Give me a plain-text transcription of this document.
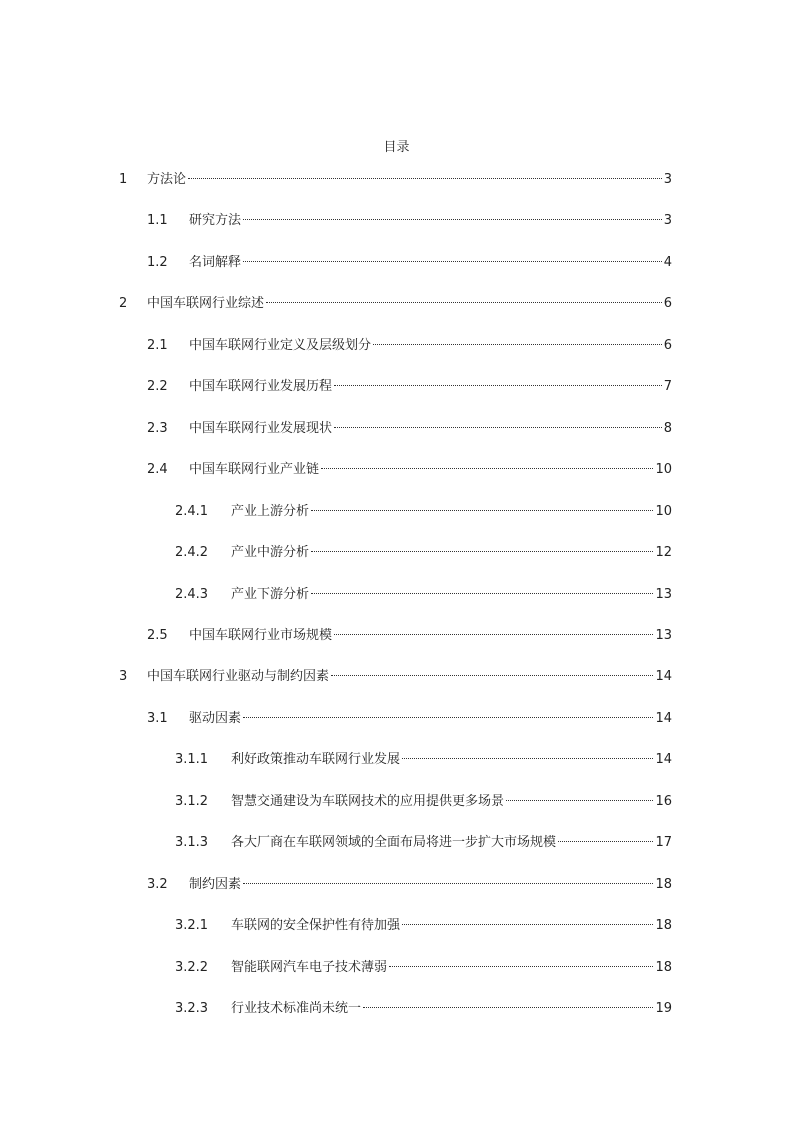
目录
1	方法论	3
1.1	研究方法	3
1.2	名词解释	4
2	中国车联网行业综述	6
2.1	中国车联网行业定义及层级划分	6
2.2	中国车联网行业发展历程	7
2.3	中国车联网行业发展现状	8
2.4	中国车联网行业产业链	10
2.4.1	产业上游分析	10
2.4.2	产业中游分析	12
2.4.3	产业下游分析	13
2.5	中国车联网行业市场规模	13
3	中国车联网行业驱动与制约因素	14
3.1	驱动因素	14
3.1.1	利好政策推动车联网行业发展	14
3.1.2	智慧交通建设为车联网技术的应用提供更多场景	16
3.1.3	各大厂商在车联网领域的全面布局将进一步扩大市场规模	17
3.2	制约因素	18
3.2.1	车联网的安全保护性有待加强	18
3.2.2	智能联网汽车电子技术薄弱	18
3.2.3	行业技术标准尚未统一	19
